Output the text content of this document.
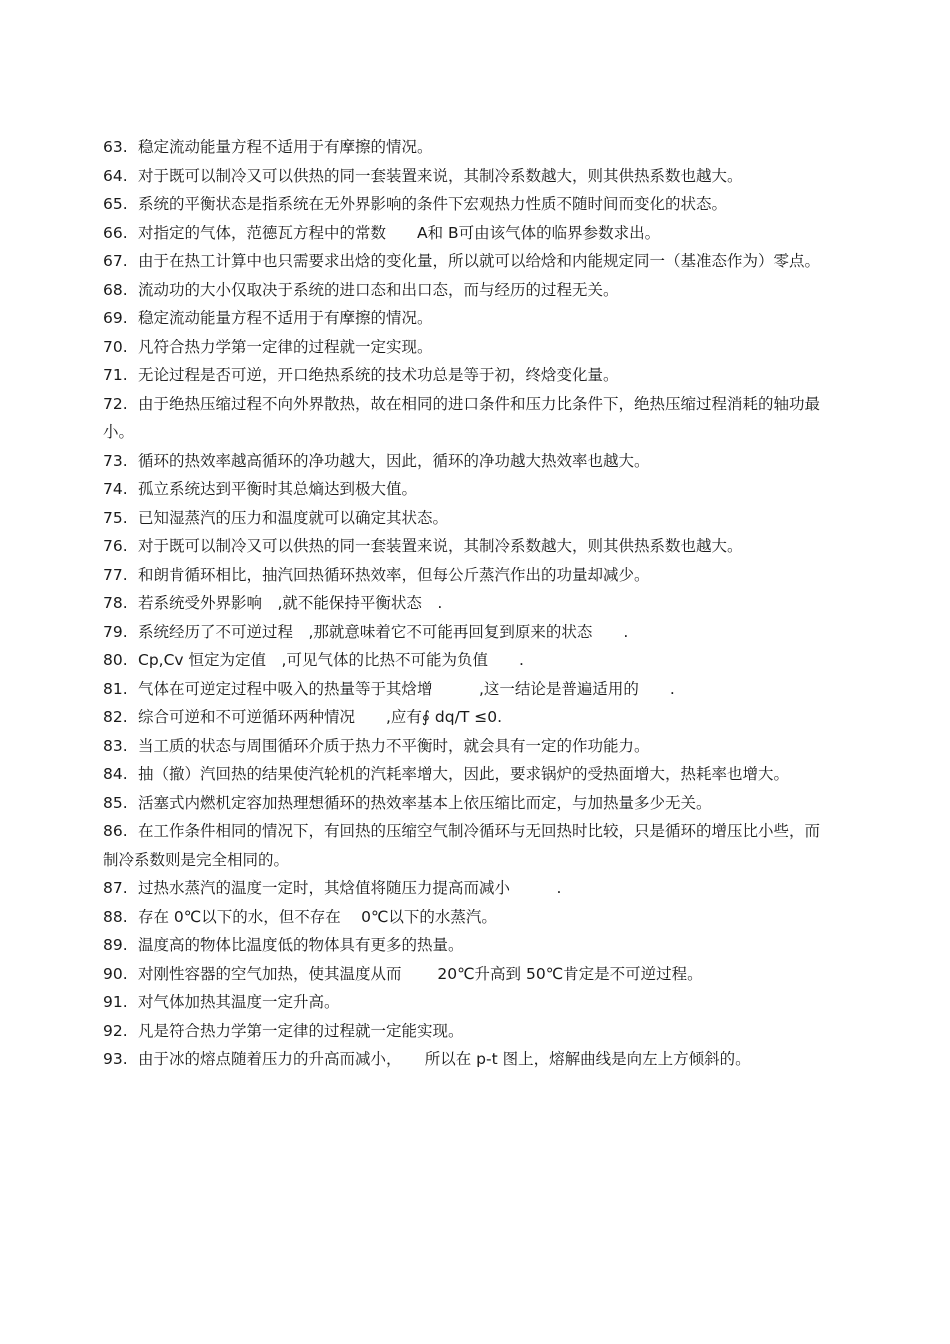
63. 稳定流动能量方程不适用于有摩擦的情况。
64. 对于既可以制冷又可以供热的同一套装置来说，其制冷系数越大，则其供热系数也越大。
65. 系统的平衡状态是指系统在无外界影响的条件下宏观热力性质不随时间而变化的状态。
66. 对指定的气体，范德瓦方程中的常数　　A和 B可由该气体的临界参数求出。
67. 由于在热工计算中也只需要求出焓的变化量，所以就可以给焓和内能规定同一（基准态作为）零点。
68. 流动功的大小仅取决于系统的进口态和出口态，而与经历的过程无关。
69. 稳定流动能量方程不适用于有摩擦的情况。
70. 凡符合热力学第一定律的过程就一定实现。
71. 无论过程是否可逆，开口绝热系统的技术功总是等于初，终焓变化量。
72. 由于绝热压缩过程不向外界散热，故在相同的进口条件和压力比条件下，绝热压缩过程消耗的轴功最小。
73. 循环的热效率越高循环的净功越大，因此，循环的净功越大热效率也越大。
74. 孤立系统达到平衡时其总熵达到极大值。
75. 已知湿蒸汽的压力和温度就可以确定其状态。
76. 对于既可以制冷又可以供热的同一套装置来说，其制冷系数越大，则其供热系数也越大。
77. 和朗肯循环相比，抽汽回热循环热效率，但每公斤蒸汽作出的功量却减少。
78. 若系统受外界影响　,就不能保持平衡状态　.
79. 系统经历了不可逆过程　,那就意味着它不可能再回复到原来的状态　　.
80. Cp,Cv 恒定为定值　,可见气体的比热不可能为负值　　.
81. 气体在可逆定过程中吸入的热量等于其焓增　　　,这一结论是普遍适用的　　.
82. 综合可逆和不可逆循环两种情况　　,应有∮ dq/T ≤0.
83. 当工质的状态与周围循环介质于热力不平衡时，就会具有一定的作功能力。
84. 抽（撤）汽回热的结果使汽轮机的汽耗率增大，因此，要求锅炉的受热面增大，热耗率也增大。
85. 活塞式内燃机定容加热理想循环的热效率基本上依压缩比而定，与加热量多少无关。
86. 在工作条件相同的情况下，有回热的压缩空气制冷循环与无回热时比较，只是循环的增压比小些，而制冷系数则是完全相同的。
87. 过热水蒸汽的温度一定时，其焓值将随压力提高而减小　　　.
88. 存在 0℃以下的水，但不存在　 0℃以下的水蒸汽。
89. 温度高的物体比温度低的物体具有更多的热量。
90. 对刚性容器的空气加热，使其温度从而　　 20℃升高到 50℃肯定是不可逆过程。
91. 对气体加热其温度一定升高。
92. 凡是符合热力学第一定律的过程就一定能实现。
93. 由于冰的熔点随着压力的升高而减小，　　所以在 p-t 图上，熔解曲线是向左上方倾斜的。
